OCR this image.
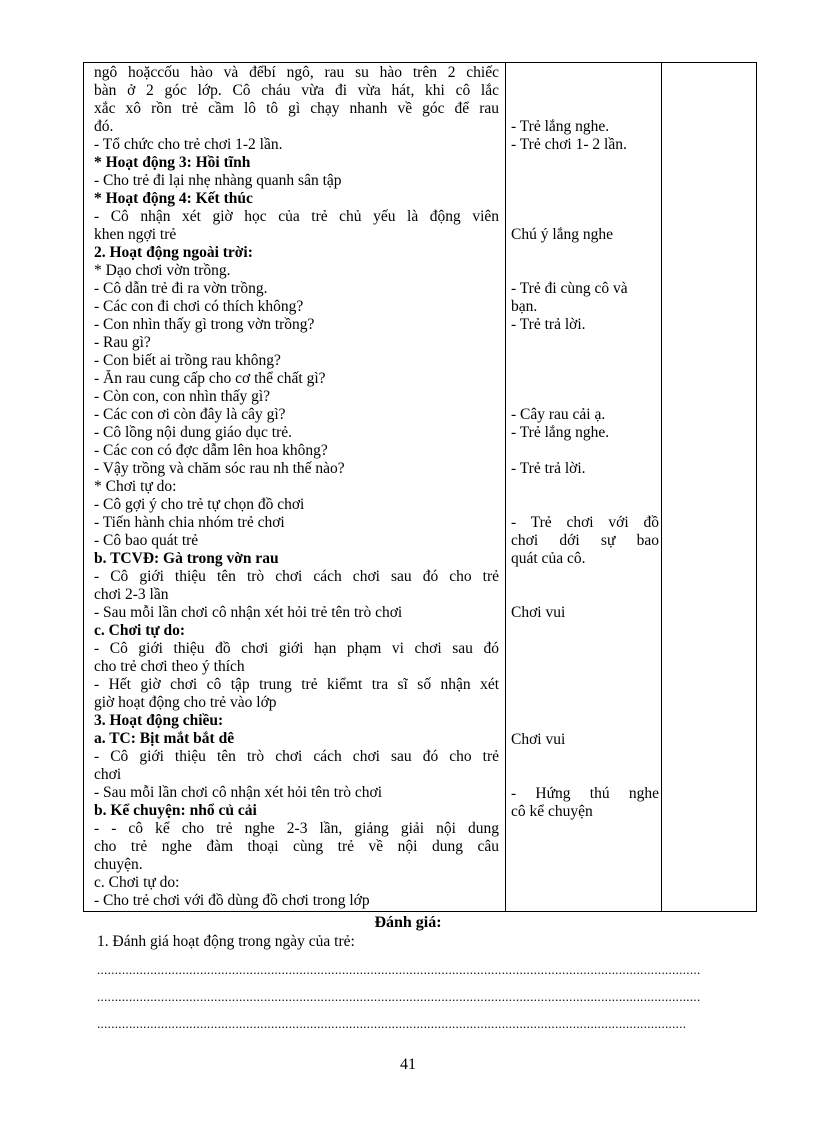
ngô hoặccốu hào và đểbí ngô, rau su hào trên 2 chiếc
bàn ở 2 góc lớp. Cô cháu vừa đi vừa hát, khi cô lắc
xắc xô rồn trẻ cầm lô tô gì chạy nhanh về góc để rau
đó.
- Tổ chức cho trẻ chơi 1-2 lần.
* Hoạt động 3: Hồi tĩnh
- Cho trẻ đi lại nhẹ nhàng quanh sân tập
* Hoạt động 4: Kết thúc
- Cô nhận xét giờ học của trẻ chủ yếu là động viên
khen ngợi trẻ
2. Hoạt động ngoài trời:
* Dạo chơi vờn trồng.
- Cô dẫn trẻ đi ra vờn trồng.
- Các con đi chơi có thích không?
- Con nhìn thấy gì trong vờn trồng?
- Rau gì?
- Con biết ai trồng rau không?
- Ăn rau cung cấp cho cơ thể chất gì?
- Còn con, con nhìn thấy gì?
- Các con ơi còn đây là cây gì?
- Cô lồng nội dung giáo dục trẻ.
- Các con có đợc dẫm lên hoa không?
- Vậy trồng và chăm sóc rau nh thế nào?
* Chơi tự do:
- Cô gợi ý cho trẻ tự chọn đồ chơi
- Tiến hành chia nhóm trẻ chơi
- Cô bao quát trẻ
b. TCVĐ: Gà trong vờn rau
- Cô giới thiệu tên trò chơi cách chơi sau đó cho trẻ
chơi 2-3 lần
- Sau mỗi lần chơi cô nhận xét hỏi trẻ tên trò chơi
c. Chơi tự do:
- Cô giới thiệu đồ chơi giới hạn phạm vi chơi sau đó
cho trẻ chơi theo ý thích
- Hết giờ chơi cô tập trung trẻ kiểmt tra sĩ số nhận xét
giờ hoạt động cho trẻ vào lớp
3. Hoạt động chiều:
a. TC: Bịt mắt bắt dê
- Cô giới thiệu tên trò chơi cách chơi sau đó cho trẻ
chơi
- Sau mỗi lần chơi cô nhận xét hỏi tên trò chơi
b. Kể chuyện: nhổ củ cải
- - cô kể cho trẻ nghe 2-3 lần, giảng giải nội dung
cho trẻ nghe đàm thoại cùng trẻ về nội dung câu
chuyện.
c. Chơi tự do:
- Cho trẻ chơi với đồ dùng đồ chơi trong lớp
- Trẻ lắng nghe.
- Trẻ chơi 1- 2 lần.
Chú ý lắng nghe
- Trẻ đi cùng cô và
bạn.
- Trẻ trả lời.
- Cây rau cải ạ.
- Trẻ lắng nghe.
- Trẻ trả lời.
- Trẻ chơi với đồ
chơi dới sự bao
quát của cô.
Chơi vui
Chơi vui
- Hứng thú nghe
cô kể chuyện
Đánh giá:
1. Đánh giá hoạt động trong ngày của trẻ:
..........................................................................................................................................................................
..........................................................................................................................................................................
......................................................................................................................................................................
41
